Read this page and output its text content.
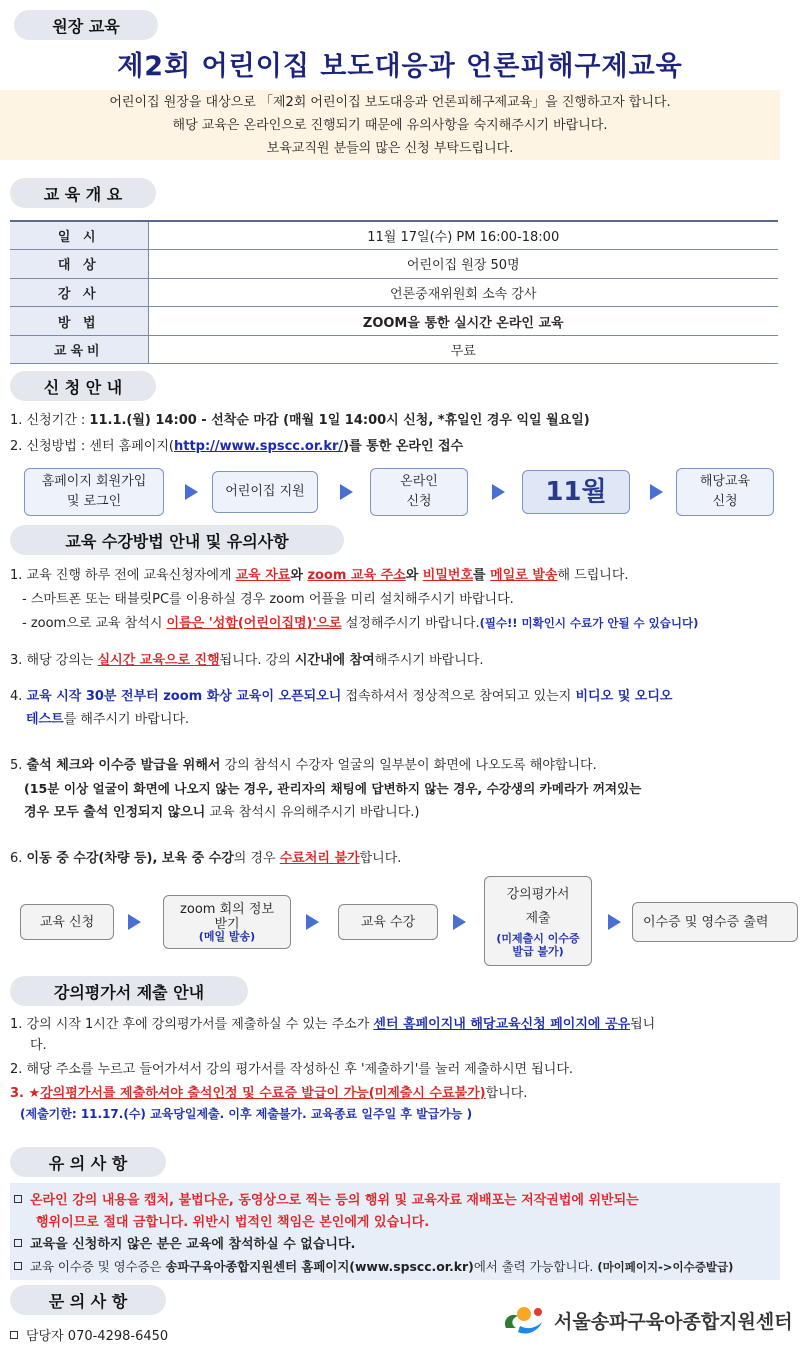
원장 교육
제2회 어린이집 보도대응과 언론피해구제교육
어린이집 원장을 대상으로 「제2회 어린이집 보도대응과 언론피해구제교육」을 진행하고자 합니다.
해당 교육은 온라인으로 진행되기 때문에 유의사항을 숙지해주시기 바랍니다.
보육교직원 분들의 많은 신청 부탁드립니다.
교 육 개 요
일 시	11월 17일(수) PM 16:00-18:00
대 상	어린이집 원장 50명
강 사	언론중재위원회 소속 강사
방 법	ZOOM을 통한 실시간 온라인 교육
교육비	무료
신 청 안 내
1. 신청기간 : 11.1.(월) 14:00 - 선착순 마감 (매월 1일 14:00시 신청, *휴일인 경우 익일 월요일)
2. 신청방법 : 센터 홈페이지(http://www.spscc.or.kr/)를 통한 온라인 접수
홈페이지 회원가입
및 로그인
어린이집 지원
온라인
신청	11월	해당교육
신청
교육 수강방법 안내 및 유의사항
1. 교육 진행 하루 전에 교육신청자에게 교육 자료와 zoom 교육 주소와 비밀번호를 메일로 발송해 드립니다.
- 스마트폰 또는 태블릿PC를 이용하실 경우 zoom 어플을 미리 설치해주시기 바랍니다.
- zoom으로 교육 참석시 이름은 '성함(어린이집명)'으로 설정해주시기 바랍니다.(필수!! 미확인시 수료가 안될 수 있습니다)
3. 해당 강의는 실시간 교육으로 진행됩니다. 강의 시간내에 참여해주시기 바랍니다.
4. 교육 시작 30분 전부터 zoom 화상 교육이 오픈되오니 접속하셔서 정상적으로 참여되고 있는지 비디오 및 오디오
테스트를 해주시기 바랍니다.
5. 출석 체크와 이수증 발급을 위해서 강의 참석시 수강자 얼굴의 일부분이 화면에 나오도록 해야합니다.
(15분 이상 얼굴이 화면에 나오지 않는 경우, 관리자의 채팅에 답변하지 않는 경우, 수강생의 카메라가 꺼져있는
경우 모두 출석 인정되지 않으니 교육 참석시 유의해주시기 바랍니다.)
6. 이동 중 수강(차량 등), 보육 중 수강의 경우 수료처리 불가합니다.
교육 신청
zoom 회의 정보
받기
(메일 발송)
교육 수강
강의평가서
제출
(미제출시 이수증 발급 불가)
이수증 및 영수증 출력
강의평가서 제출 안내
1. 강의 시작 1시간 후에 강의평가서를 제출하실 수 있는 주소가 센터 홈페이지내 해당교육신청 페이지에 공유됩니
다.
2. 해당 주소를 누르고 들어가셔서 강의 평가서를 작성하신 후 '제출하기'를 눌러 제출하시면 됩니다.
3. ★강의평가서를 제출하셔야 출석인정 및 수료증 발급이 가능(미제출시 수료불가)합니다.
(제출기한: 11.17.(수) 교육당일제출. 이후 제출불가. 교육종료 일주일 후 발급가능 )
유 의 사 항
온라인 강의 내용을 캡처, 불법다운, 동영상으로 찍는 등의 행위 및 교육자료 재배포는 저작권법에 위반되는
행위이므로 절대 금합니다. 위반시 법적인 책임은 본인에게 있습니다.
교육을 신청하지 않은 분은 교육에 참석하실 수 없습니다.
교육 이수증 및 영수증은 송파구육아종합지원센터 홈페이지(www.spscc.or.kr)에서 출력 가능합니다. (마이페이지->이수증발급)
문 의 사 항
담당자 070-4298-6450
서울송파구육아종합지원센터
